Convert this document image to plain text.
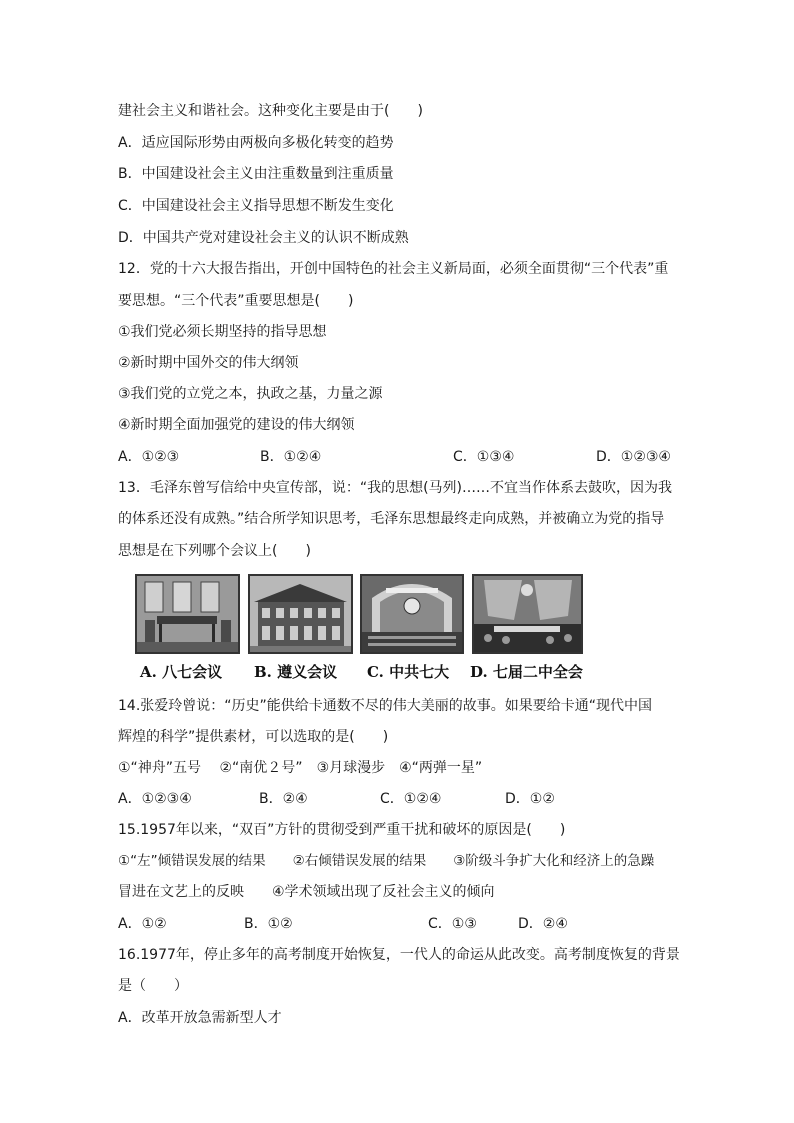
建社会主义和谐社会。这种变化主要是由于(　　)
A．适应国际形势由两极向多极化转变的趋势
B．中国建设社会主义由注重数量到注重质量
C．中国建设社会主义指导思想不断发生变化
D．中国共产党对建设社会主义的认识不断成熟
12．党的十六大报告指出，开创中国特色的社会主义新局面，必须全面贯彻“三个代表”重
要思想。“三个代表”重要思想是(　　)
①我们党必须长期坚持的指导思想
②新时期中国外交的伟大纲领
③我们党的立党之本，执政之基，力量之源
④新时期全面加强党的建设的伟大纲领
A．①②③	B．①②④	C．①③④	D．①②③④
13．毛泽东曾写信给中央宣传部，说：“我的思想(马列)……不宜当作体系去鼓吹，因为我
的体系还没有成熟。”结合所学知识思考，毛泽东思想最终走向成熟，并被确立为党的指导
思想是在下列哪个会议上(　　)
A. 八七会议 B. 遵义会议 C. 中共七大 D. 七届二中全会
14.张爱玲曾说：“历史”能供给卡通数不尽的伟大美丽的故事。如果要给卡通“现代中国
辉煌的科学”提供素材，可以选取的是(　　)
①“神舟”五号　 ②“南优２号”　③月球漫步　④“两弹一星”
A．①②③④	B．②④	C．①②④	D．①②
15.1957年以来，“双百”方针的贯彻受到严重干扰和破坏的原因是(　　)
①“左”倾错误发展的结果　　②右倾错误发展的结果　　③阶级斗争扩大化和经济上的急躁
冒进在文艺上的反映　　④学术领域出现了反社会主义的倾向
A．①②	B．①②	C．①③	D．②④
16.1977年，停止多年的高考制度开始恢复，一代人的命运从此改变。高考制度恢复的背景
是（　　）
A．改革开放急需新型人才
